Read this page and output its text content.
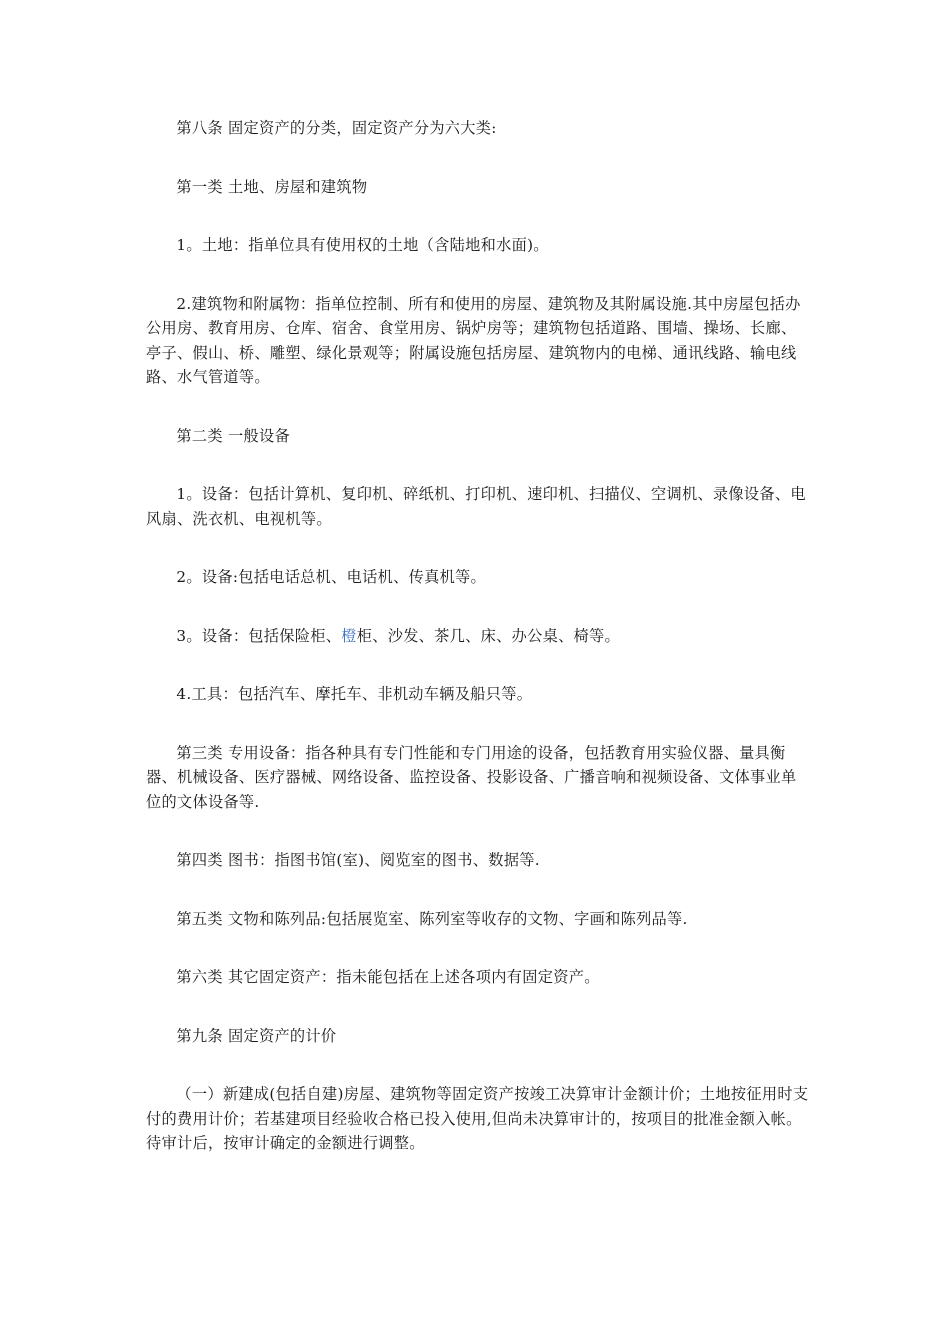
第八条 固定资产的分类，固定资产分为六大类:

第一类 土地、房屋和建筑物

1。土地：指单位具有使用权的土地（含陆地和水面)。

2.建筑物和附属物：指单位控制、所有和使用的房屋、建筑物及其附属设施.其中房屋包括办公用房、教育用房、仓库、宿舍、食堂用房、锅炉房等；建筑物包括道路、围墙、操场、长廊、亭子、假山、桥、雕塑、绿化景观等；附属设施包括房屋、建筑物内的电梯、通讯线路、输电线路、水气管道等。

第二类 一般设备

1。设备：包括计算机、复印机、碎纸机、打印机、速印机、扫描仪、空调机、录像设备、电风扇、洗衣机、电视机等。

2。设备:包括电话总机、电话机、传真机等。

3。设备：包括保险柜、橙柜、沙发、茶几、床、办公桌、椅等。

4.工具：包括汽车、摩托车、非机动车辆及船只等。

第三类 专用设备：指各种具有专门性能和专门用途的设备，包括教育用实验仪器、量具衡器、机械设备、医疗器械、网络设备、监控设备、投影设备、广播音响和视频设备、文体事业单位的文体设备等.

第四类 图书：指图书馆(室)、阅览室的图书、数据等.

第五类 文物和陈列品:包括展览室、陈列室等收存的文物、字画和陈列品等.

第六类 其它固定资产：指未能包括在上述各项内有固定资产。

第九条 固定资产的计价

（一）新建成(包括自建)房屋、建筑物等固定资产按竣工决算审计金额计价；土地按征用时支付的费用计价；若基建项目经验收合格已投入使用,但尚未决算审计的，按项目的批准金额入帐。待审计后，按审计确定的金额进行调整。
